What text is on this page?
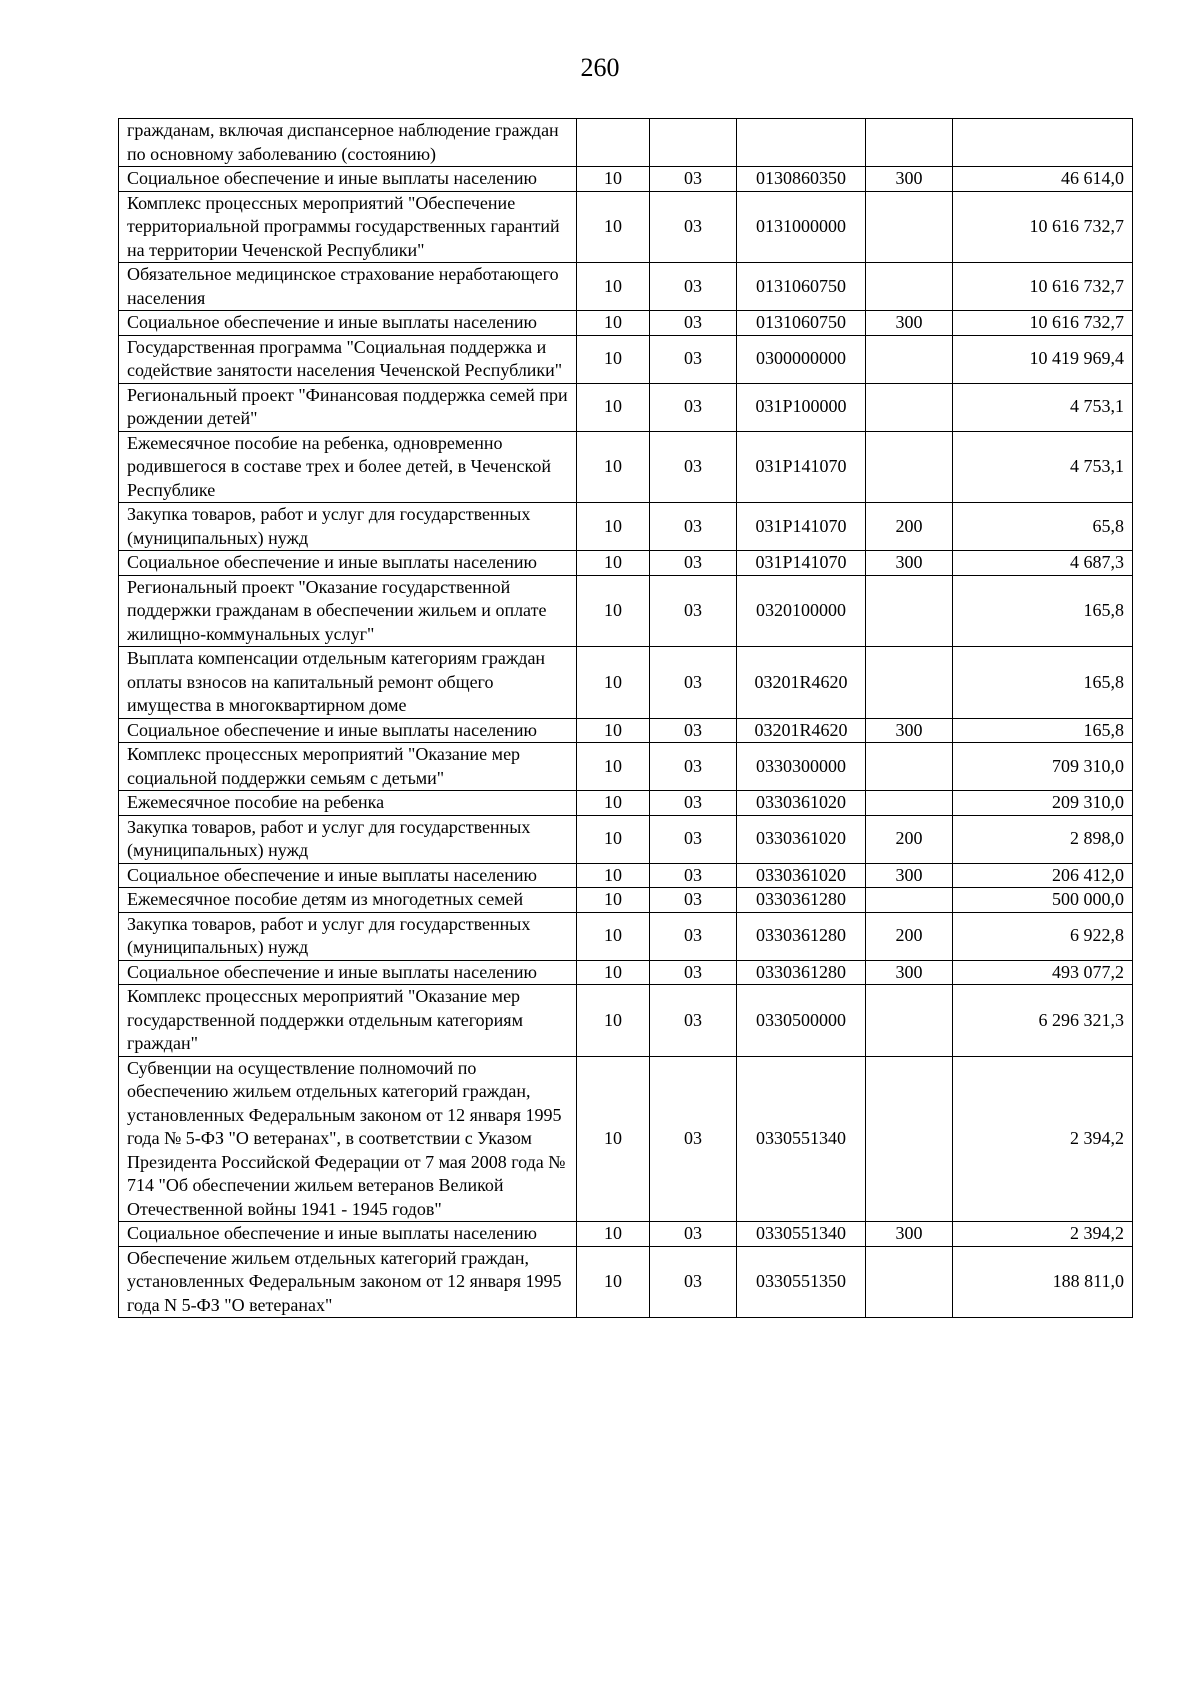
260
гражданам, включая диспансерное наблюдение граждан по основному заболеванию (состоянию)					
Социальное обеспечение и иные выплаты населению	10	03	0130860350	300	46 614,0
Комплекс процессных мероприятий "Обеспечение территориальной программы государственных гарантий на территории Чеченской Республики"	10	03	0131000000		10 616 732,7
Обязательное медицинское страхование неработающего населения	10	03	0131060750		10 616 732,7
Социальное обеспечение и иные выплаты населению	10	03	0131060750	300	10 616 732,7
Государственная программа "Социальная поддержка и содействие занятости населения Чеченской Республики"	10	03	0300000000		10 419 969,4
Региональный проект "Финансовая поддержка семей при рождении детей"	10	03	031P100000		4 753,1
Ежемесячное пособие на ребенка, одновременно родившегося в составе трех и более детей, в Чеченской Республике	10	03	031P141070		4 753,1
Закупка товаров, работ и услуг для государственных (муниципальных) нужд	10	03	031P141070	200	65,8
Социальное обеспечение и иные выплаты населению	10	03	031P141070	300	4 687,3
Региональный проект "Оказание государственной поддержки гражданам в обеспечении жильем и оплате жилищно-коммунальных услуг"	10	03	0320100000		165,8
Выплата компенсации отдельным категориям граждан оплаты взносов на капитальный ремонт общего имущества в многоквартирном доме	10	03	03201R4620		165,8
Социальное обеспечение и иные выплаты населению	10	03	03201R4620	300	165,8
Комплекс процессных мероприятий "Оказание мер социальной поддержки семьям с детьми"	10	03	0330300000		709 310,0
Ежемесячное пособие на ребенка	10	03	0330361020		209 310,0
Закупка товаров, работ и услуг для государственных (муниципальных) нужд	10	03	0330361020	200	2 898,0
Социальное обеспечение и иные выплаты населению	10	03	0330361020	300	206 412,0
Ежемесячное пособие детям из многодетных семей	10	03	0330361280		500 000,0
Закупка товаров, работ и услуг для государственных (муниципальных) нужд	10	03	0330361280	200	6 922,8
Социальное обеспечение и иные выплаты населению	10	03	0330361280	300	493 077,2
Комплекс процессных мероприятий "Оказание мер государственной поддержки отдельным категориям граждан"	10	03	0330500000		6 296 321,3
Субвенции на осуществление полномочий по обеспечению жильем отдельных категорий граждан, установленных Федеральным законом от 12 января 1995 года № 5-ФЗ "О ветеранах", в соответствии с Указом Президента Российской Федерации от 7 мая 2008 года № 714 "Об обеспечении жильем ветеранов Великой Отечественной войны 1941 - 1945 годов"	10	03	0330551340		2 394,2
Социальное обеспечение и иные выплаты населению	10	03	0330551340	300	2 394,2
Обеспечение жильем отдельных категорий граждан, установленных Федеральным законом от 12 января 1995 года N 5-ФЗ "О ветеранах"	10	03	0330551350		188 811,0
